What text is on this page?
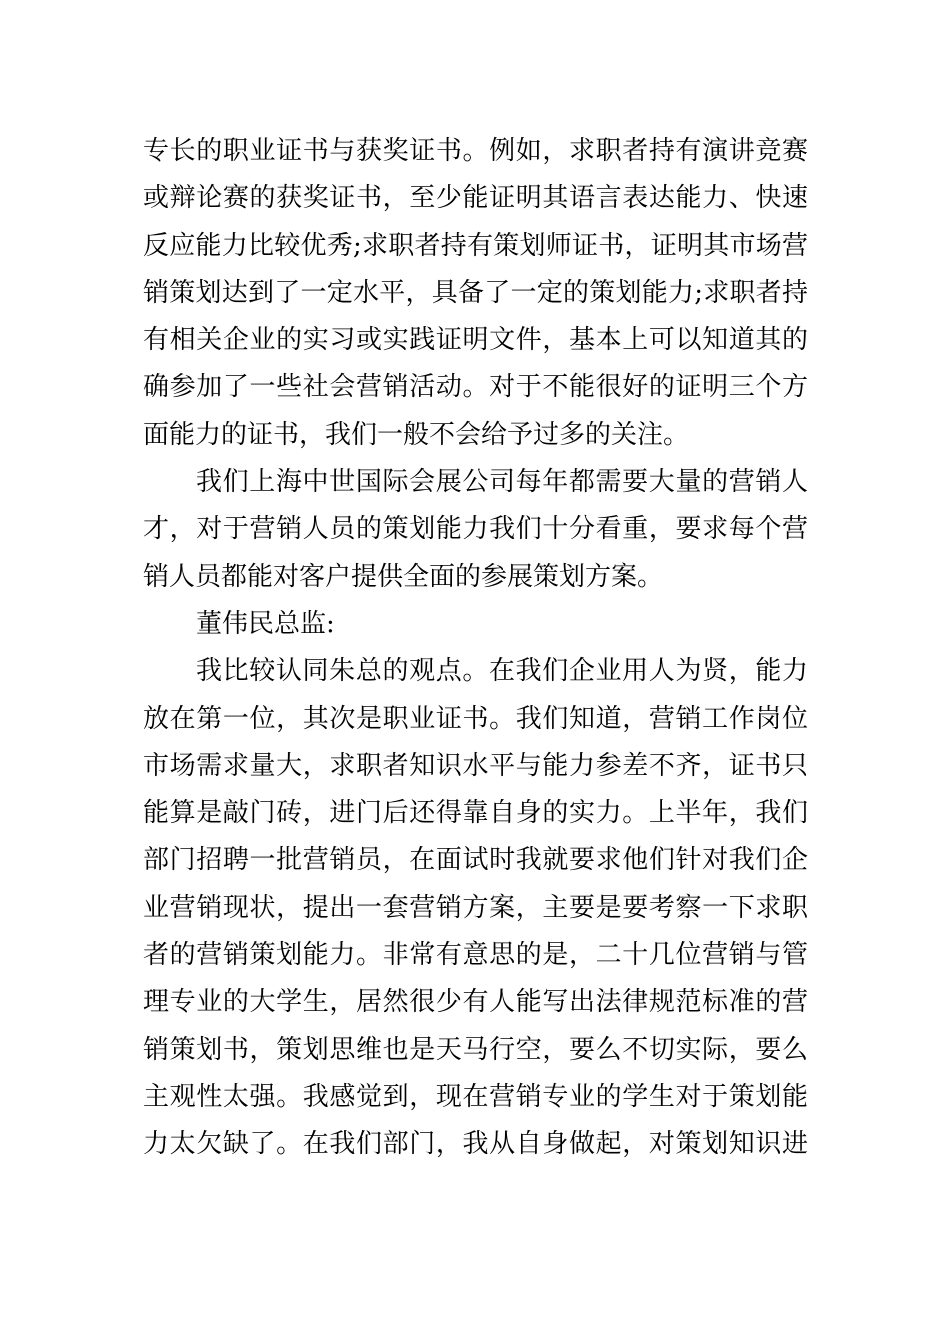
专长的职业证书与获奖证书。例如，求职者持有演讲竞赛
或辩论赛的获奖证书，至少能证明其语言表达能力、快速
反应能力比较优秀;求职者持有策划师证书，证明其市场营
销策划达到了一定水平，具备了一定的策划能力;求职者持
有相关企业的实习或实践证明文件，基本上可以知道其的
确参加了一些社会营销活动。对于不能很好的证明三个方
面能力的证书，我们一般不会给予过多的关注。
我们上海中世国际会展公司每年都需要大量的营销人
才，对于营销人员的策划能力我们十分看重，要求每个营
销人员都能对客户提供全面的参展策划方案。
董伟民总监:
我比较认同朱总的观点。在我们企业用人为贤，能力
放在第一位，其次是职业证书。我们知道，营销工作岗位
市场需求量大，求职者知识水平与能力参差不齐，证书只
能算是敲门砖，进门后还得靠自身的实力。上半年，我们
部门招聘一批营销员，在面试时我就要求他们针对我们企
业营销现状，提出一套营销方案，主要是要考察一下求职
者的营销策划能力。非常有意思的是，二十几位营销与管
理专业的大学生，居然很少有人能写出法律规范标准的营
销策划书，策划思维也是天马行空，要么不切实际，要么
主观性太强。我感觉到，现在营销专业的学生对于策划能
力太欠缺了。在我们部门，我从自身做起，对策划知识进
